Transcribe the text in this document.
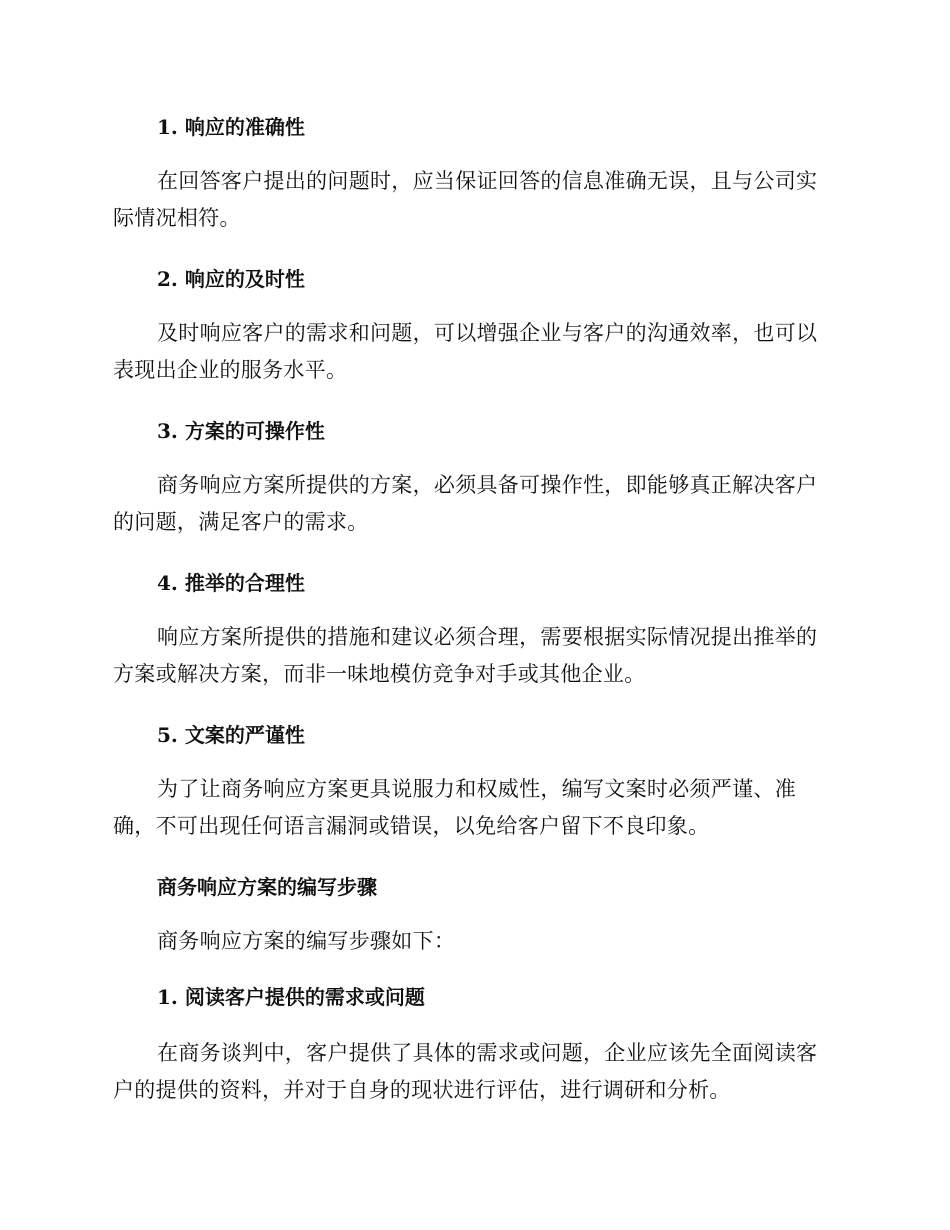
1. 响应的准确性
在回答客户提出的问题时，应当保证回答的信息准确无误，且与公司实际情况相符。
2. 响应的及时性
及时响应客户的需求和问题，可以增强企业与客户的沟通效率，也可以表现出企业的服务水平。
3. 方案的可操作性
商务响应方案所提供的方案，必须具备可操作性，即能够真正解决客户的问题，满足客户的需求。
4. 推举的合理性
响应方案所提供的措施和建议必须合理，需要根据实际情况提出推举的方案或解决方案，而非一味地模仿竞争对手或其他企业。
5. 文案的严谨性
为了让商务响应方案更具说服力和权威性，编写文案时必须严谨、准确，不可出现任何语言漏洞或错误，以免给客户留下不良印象。
商务响应方案的编写步骤
商务响应方案的编写步骤如下：
1. 阅读客户提供的需求或问题
在商务谈判中，客户提供了具体的需求或问题，企业应该先全面阅读客户的提供的资料，并对于自身的现状进行评估，进行调研和分析。
